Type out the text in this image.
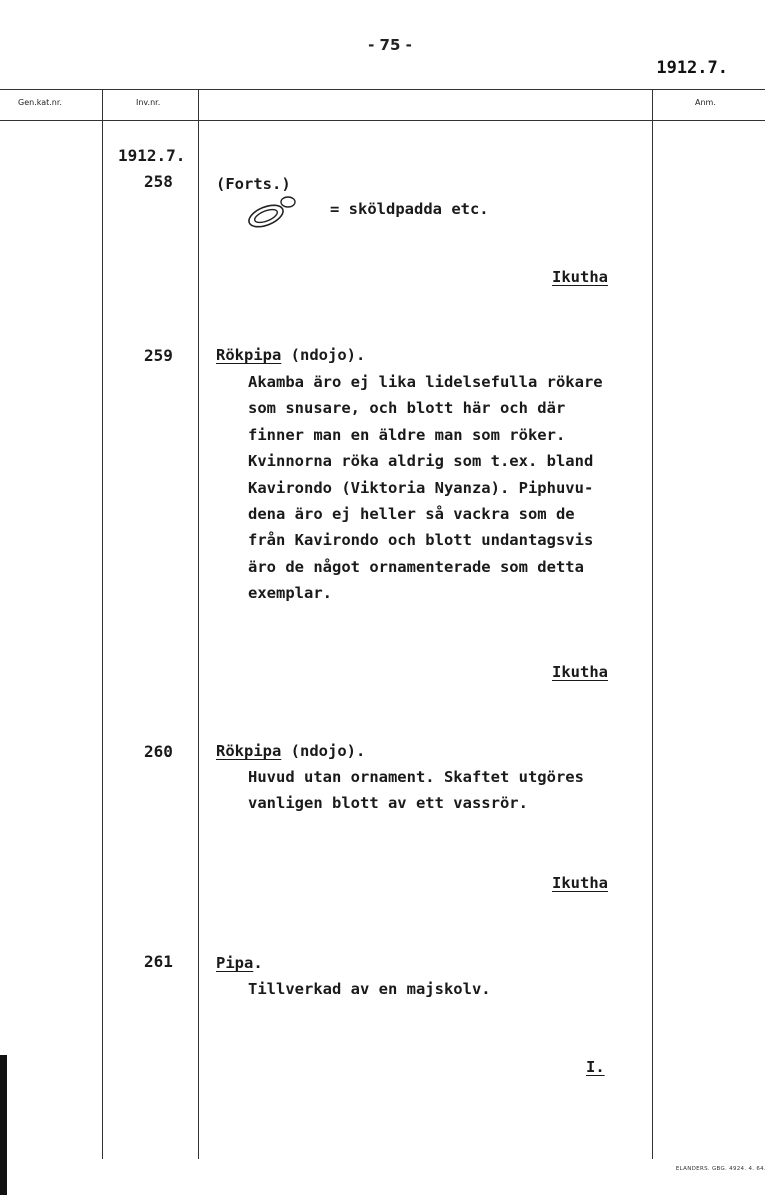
- 75 -
1912.7.
Gen.kat.nr.	Inv.nr.	Anm.
1912.7.
258	(Forts.)
= sköldpadda etc.
Ikutha
259	Rökpipa (ndojo).
Akamba äro ej lika lidelsefulla rökare
som snusare, och blott här och där
finner man en äldre man som röker.
Kvinnorna röka aldrig som t.ex. bland
Kavirondo (Viktoria Nyanza). Piphuvu-
dena äro ej heller så vackra som de
från Kavirondo och blott undantagsvis
äro de något ornamenterade som detta
exemplar.
Ikutha
260	Rökpipa (ndojo).
Huvud utan ornament. Skaftet utgöres
vanligen blott av ett vassrör.
Ikutha
261	Pipa.
Tillverkad av en majskolv.
I.
ELANDERS. GBG. 4924. 4. 64.
